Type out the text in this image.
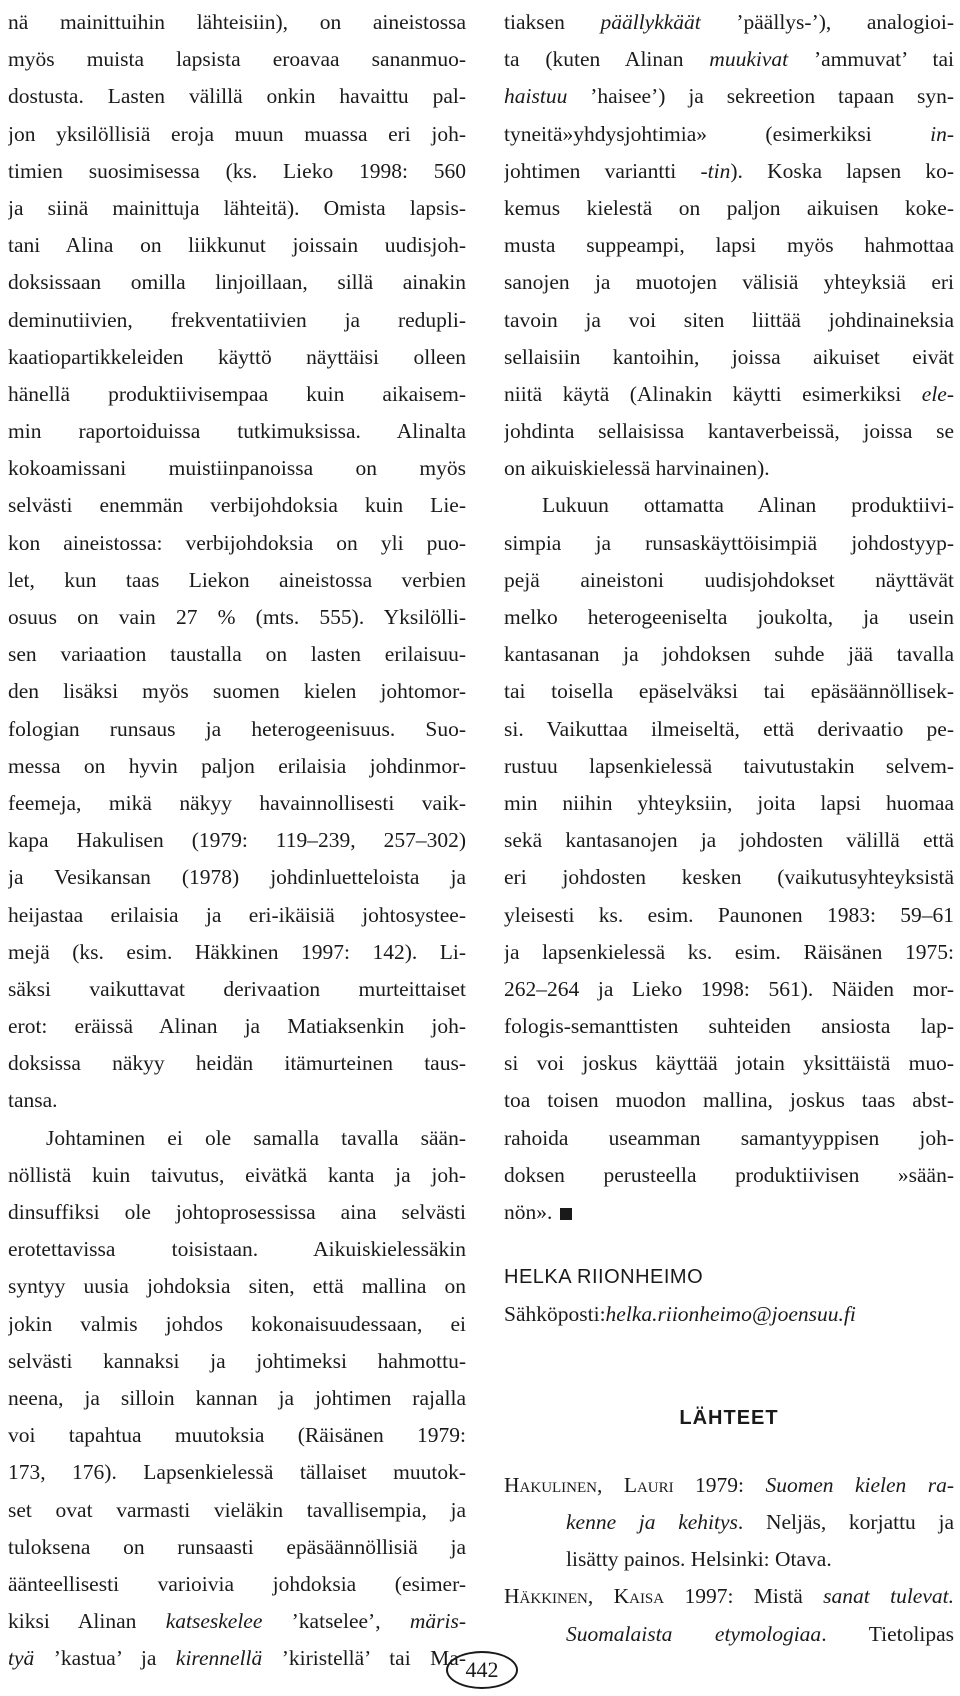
nä mainittuihin lähteisiin), on aineistossa
myös muista lapsista eroavaa sananmuo-
dostusta. Lasten välillä onkin havaittu pal-
jon yksilöllisiä eroja muun muassa eri joh-
timien suosimisessa (ks. Lieko 1998: 560
ja siinä mainittuja lähteitä). Omista lapsis-
tani Alina on liikkunut joissain uudisjoh-
doksissaan omilla linjoillaan, sillä ainakin
deminutiivien, frekventatiivien ja redupli-
kaatiopartikkeleiden käyttö näyttäisi olleen
hänellä produktiivisempaa kuin aikaisem-
min raportoiduissa tutkimuksissa. Alinalta
kokoamissani muistiinpanoissa on myös
selvästi enemmän verbijohdoksia kuin Lie-
kon aineistossa: verbijohdoksia on yli puo-
let, kun taas Liekon aineistossa verbien
osuus on vain 27 % (mts. 555). Yksilölli-
sen variaation taustalla on lasten erilaisuu-
den lisäksi myös suomen kielen johtomor-
fologian runsaus ja heterogeenisuus. Suo-
messa on hyvin paljon erilaisia johdinmor-
feemeja, mikä näkyy havainnollisesti vaik-
kapa Hakulisen (1979: 119–239, 257–302)
ja Vesikansan (1978) johdinluetteloista ja
heijastaa erilaisia ja eri-ikäisiä johtosystee-
mejä (ks. esim. Häkkinen 1997: 142). Li-
säksi vaikuttavat derivaation murteittaiset
erot: eräissä Alinan ja Matiaksenkin joh-
doksissa näkyy heidän itämurteinen taus-
tansa.
Johtaminen ei ole samalla tavalla sään-
nöllistä kuin taivutus, eivätkä kanta ja joh-
dinsuffiksi ole johtoprosessissa aina selvästi
erotettavissa toisistaan. Aikuiskielessäkin
syntyy uusia johdoksia siten, että mallina on
jokin valmis johdos kokonaisuudessaan, ei
selvästi kannaksi ja johtimeksi hahmottu-
neena, ja silloin kannan ja johtimen rajalla
voi tapahtua muutoksia (Räisänen 1979:
173, 176). Lapsenkielessä tällaiset muutok-
set ovat varmasti vieläkin tavallisempia, ja
tuloksena on runsaasti epäsäännöllisiä ja
äänteellisesti varioivia johdoksia (esimer-
kiksi Alinan katseskelee ’katselee’, märis-
tyä ’kastua’ ja kirennellä ’kiristellä’ tai Ma-
tiaksen päällykkäät ’päällys-’), analogioi-
ta (kuten Alinan muukivat ’ammuvat’ tai
haistuu ’haisee’) ja sekreetion tapaan syn-
tyneitä»yhdysjohtimia» (esimerkiksi in-
johtimen variantti -tin). Koska lapsen ko-
kemus kielestä on paljon aikuisen koke-
musta suppeampi, lapsi myös hahmottaa
sanojen ja muotojen välisiä yhteyksiä eri
tavoin ja voi siten liittää johdinaineksia
sellaisiin kantoihin, joissa aikuiset eivät
niitä käytä (Alinakin käytti esimerkiksi ele-
johdinta sellaisissa kantaverbeissä, joissa se
on aikuiskielessä harvinainen).
Lukuun ottamatta Alinan produktiivi-
simpia ja runsaskäyttöisimpiä johdostyyp-
pejä aineistoni uudisjohdokset näyttävät
melko heterogeeniselta joukolta, ja usein
kantasanan ja johdoksen suhde jää tavalla
tai toisella epäselväksi tai epäsäännöllisek-
si. Vaikuttaa ilmeiseltä, että derivaatio pe-
rustuu lapsenkielessä taivutustakin selvem-
min niihin yhteyksiin, joita lapsi huomaa
sekä kantasanojen ja johdosten välillä että
eri johdosten kesken (vaikutusyhteyksistä
yleisesti ks. esim. Paunonen 1983: 59–61
ja lapsenkielessä ks. esim. Räisänen 1975:
262–264 ja Lieko 1998: 561). Näiden mor-
fologis-semanttisten suhteiden ansiosta lap-
si voi joskus käyttää jotain yksittäistä muo-
toa toisen muodon mallina, joskus taas abst-
rahoida useamman samantyyppisen joh-
doksen perusteella produktiivisen »sään-
nön».
HELKA RIIONHEIMO
Sähköposti:helka.riionheimo@joensuu.fi
LÄHTEET
Hakulinen, Lauri 1979: Suomen kielen ra-
kenne ja kehitys. Neljäs, korjattu ja
lisätty painos. Helsinki: Otava.
Häkkinen, Kaisa 1997: Mistä sanat tulevat.
Suomalaista etymologiaa. Tietolipas
442
